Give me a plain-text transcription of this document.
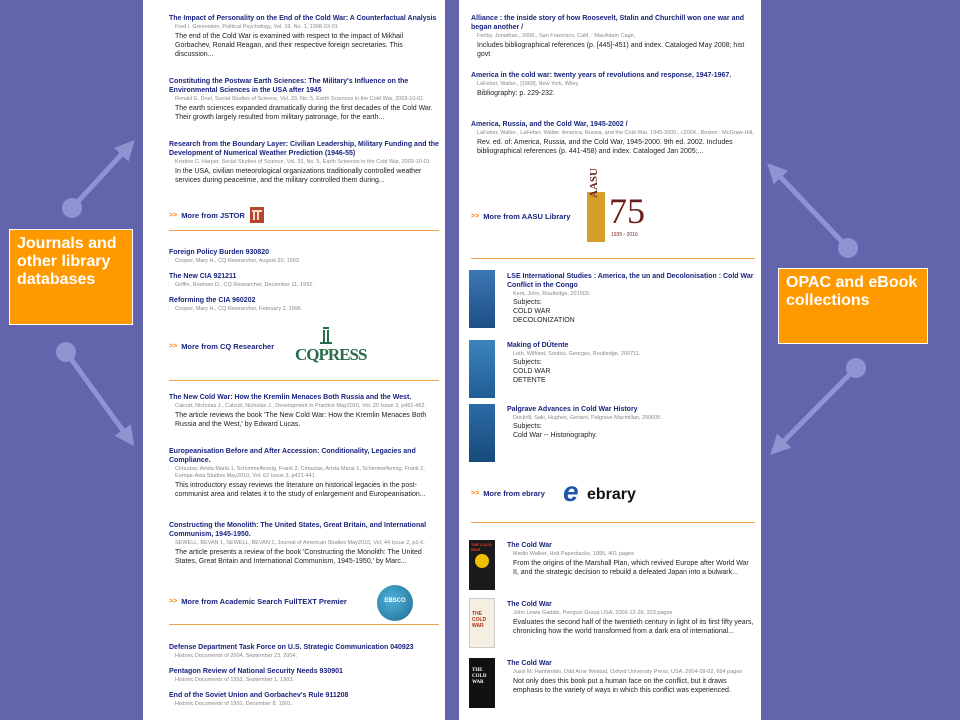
The Impact of Personality on the End of the Cold War: A Counterfactual Analysis
Fred I. Greenstein, Political Psychology, Vol. 19, No. 1, 1998-03-01
The end of the Cold War is examined with respect to the impact of Mikhail Gorbachev, Ronald Reagan, and their respective foreign secretaries. This discussion...
Constituting the Postwar Earth Sciences: The Military's Influence on the Environmental Sciences in the USA after 1945
Ronald E. Doel, Social Studies of Science, Vol. 33, No. 5, Earth Sciences in the Cold War, 2003-10-01
The earth sciences expanded dramatically during the first decades of the Cold War. Their growth largely resulted from military patronage, for the earth...
Research from the Boundary Layer: Civilian Leadership, Military Funding and the Development of Numerical Weather Prediction (1946-55)
Kristine C. Harper, Social Studies of Science, Vol. 33, No. 5, Earth Sciences in the Cold War, 2003-10-01
In the USA, civilian meteorological organizations traditionally controlled weather services during peacetime, and the military controlled them during...
>> More from JSTOR
Foreign Policy Burden 930820
Cooper, Mary H., CQ Researcher, August 20, 1993.
The New CIA 921211
Griffin, Rodman D., CQ Researcher, December 11, 1992.
Reforming the CIA 960202
Cooper, Mary H., CQ Researcher, February 2, 1996.
>> More from CQ Researcher CQPRESS
The New Cold War: How the Kremlin Menaces Both Russia and the West.
Calcutt, Nicholas J., Calcutt, Nicholas J., Development in Practice May2010, Vol. 20 Issue 3, p461-462.
The article reviews the book 'The New Cold War: How the Kremlin Menaces Both Russia and the West,' by Edward Lucas.
Europeanisation Before and After Accession: Conditionality, Legacies and Compliance.
Cirtautas, Arista Maria 1, Schimmelfennig, Frank 2, Cirtautas, Arista Maria 1, Schimmelfennig, Frank 2, Europe-Asia Studies May2010, Vol. 62 Issue 3, p421-441.
This introductory essay reviews the literature on historical legacies in the post-communist area and relates it to the study of enlargement and Europeanisation...
Constructing the Monolith: The United States, Great Britain, and International Communism, 1945-1950.
SEWELL, BEVAN 1, SEWELL, BEVAN 1, Journal of American Studies May2010, Vol. 44 Issue 2, p1-6.
The article presents a review of the book 'Constructing the Monolith: The United States, Great Britain and International Communism, 1945-1950,' by Marc...
>> More from Academic Search FullTEXT Premier	EBSCO
Defense Department Task Force on U.S. Strategic Communication 040923
Historic Documents of 2004, September 23, 2004.
Pentagon Review of National Security Needs 930901
Historic Documents of 1993, September 1, 1993.
End of the Soviet Union and Gorbachev's Rule 911208
Historic Documents of 1991, December 8, 1991.
Alliance : the inside story of how Roosevelt, Stalin and Churchill won one war and began another /
Fenby, Jonathan., 2006., San Francisco, Calif. : MacAdam Cage,
Includes bibliographical references (p. [445]-451) and index. Cataloged May 2008; hist govt
America in the cold war: twenty years of revolutions and response, 1947-1967.
LaFeber, Walter., [1969], New York, Wiley
Bibliography: p. 229-232.
America, Russia, and the Cold War, 1945-2002 /
LaFeber, Walter., LaFeber, Walter. America, Russia, and the Cold War, 1945-2000., c2004., Boston : McGraw-Hill,
Rev. ed. of: America, Russia, and the Cold War, 1945-2000. 9th ed. 2002. Includes bibliographical references (p. 441-458) and index. Cataloged Jan 2005;...
>> More from AASU Library
AASU
75
1935 - 2010
LSE International Studies : America, the un and Decolonisation : Cold War Conflict in the Congo
Kent, John, Routledge, 201003.
Subjects:
COLD WAR
DECOLONIZATION
Making of DÚtente
Loth, Wilfried, Soutou, Georges, Routledge, 200711.
Subjects:
COLD WAR
DETENTE
Palgrave Advances in Cold War History
Dockrill, Saki, Hughes, Geraint, Palgrave Macmillan, 200605.
Subjects:
Cold War -- Historiography.
>> More from ebrary e ebrary
THE COLD WAR
The Cold War
Martin Walker, Holt Paperbacks, 1995, 401 pages
From the origins of the Marshall Plan, which revived Europe after World War II, and the strategic decision to rebuild a defeated Japan into a bulwark...
THE COLD WAR
The Cold War
John Lewis Gaddis, Penguin Group USA, 2006-12-26, 333 pages
Evaluates the second half of the twentieth century in light of its first fifty years, chronicling how the world transformed from a dark era of international...
THE COLD WAR
The Cold War
Jussi M. Hanhimäki, Odd Arne Westad, Oxford University Press, USA, 2004-09-02, 694 pages
Not only does this book put a human face on the conflict, but it draws emphasis to the variety of ways in which this conflict was experienced.
Journals and other library databases	OPAC and eBook collections
